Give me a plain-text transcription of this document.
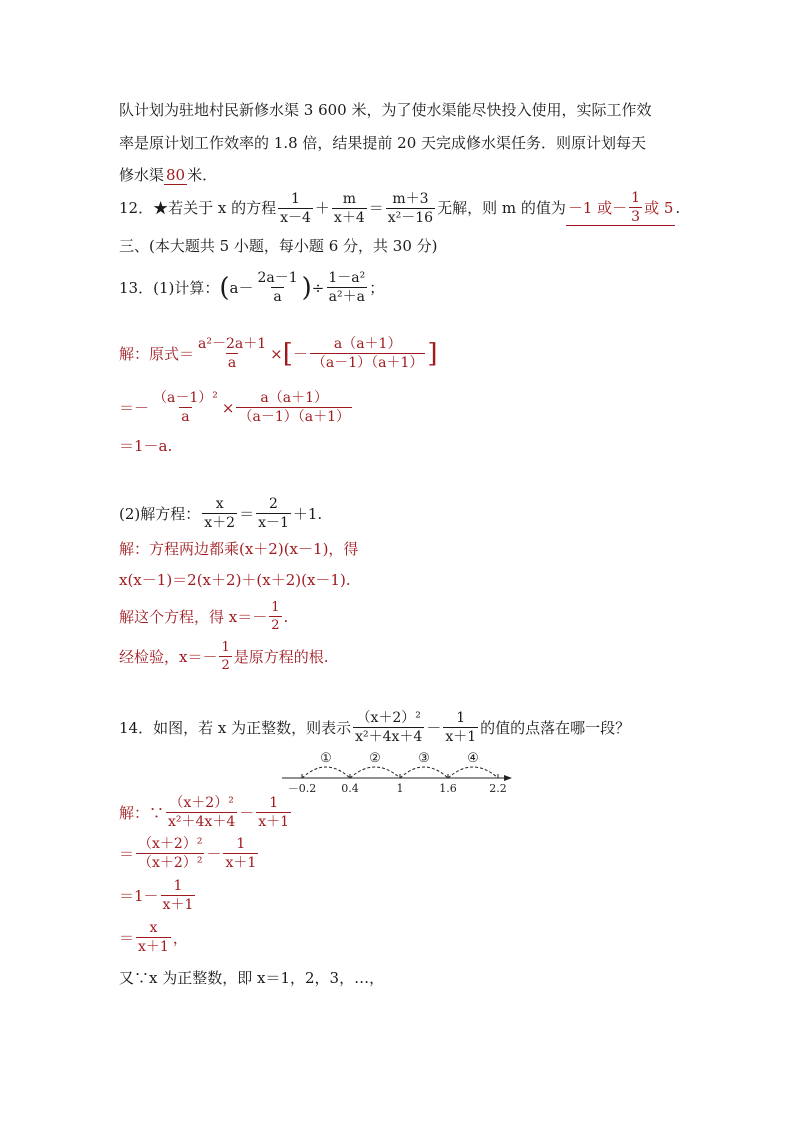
队计划为驻地村民新修水渠 3 600 米，为了使水渠能尽快投入使用，实际工作效
率是原计划工作效率的 1.8 倍，结果提前 20 天完成修水渠任务．则原计划每天
修水渠 80 米．
12．★若关于 x 的方程 $\frac{1}{x-4} + \frac{m}{x+4} = \frac{m+3}{\text{x²－16}}$ 无解，则 m 的值为 －1 或－ $\frac{1}{3}$ 或 5 .
三、(本大题共 5 小题，每小题 6 分，共 30 分)
13．(1)计算： ( $a- \frac{2a-1}{a}$ ) ÷ $\frac{\text{1－a²}}{\text{a²＋a}}$ ；
解：原式＝ $\frac{\text{a²－2a＋1}}{a}$ × [ － $\frac{a(a+1)}{(a-1)(a+1)}$ ]
＝－ $\frac{\text{（a－1）²}}{a} \times \frac{a(a+1)}{(a-1)(a+1)}$
＝1－a.
(2)解方程： $\frac{x}{x+2} = \frac{2}{x-1} +1$.
解：方程两边都乘(x＋2)(x－1)，得
x(x－1)＝2(x＋2)＋(x＋2)(x－1).
解这个方程，得 $x=- \frac{1}{2}$ .
经检验，$x=- \frac{1}{2}$ 是原方程的根.
14．如图，若 x 为正整数，则表示 $\frac{\text{（x＋2）²}}{\text{x²＋4x＋4}} - \frac{1}{x+1}$ 的值的点落在哪一段？
－0.2 0.4	1	1.6	2.2
①	②	③	④
解：∵ $\frac{\text{（x＋2）²}}{\text{x²＋4x＋4}} - \frac{1}{x+1}$
＝ $\frac{\text{（x＋2）²}}{\text{（x＋2）²}} - \frac{1}{x+1}$
$=1- \frac{1}{x+1}$
＝ $\frac{x}{x+1}$ ，
又∵x 为正整数，即 x＝1，2，3，…，
